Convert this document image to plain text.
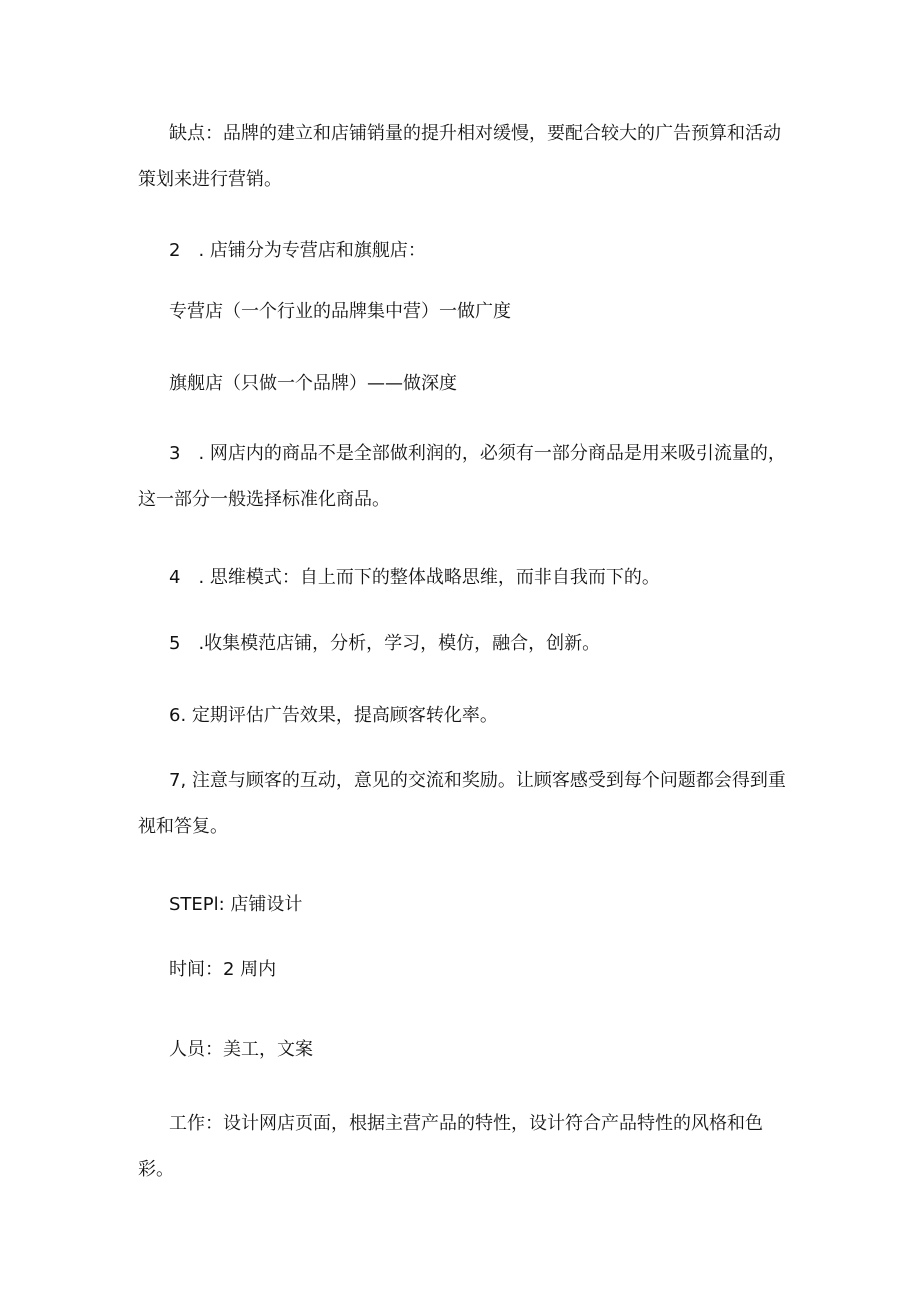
缺点：品牌的建立和店铺销量的提升相对缓慢，要配合较大的广告预算和活动策划来进行营销。

2　. 店铺分为专营店和旗舰店：

专营店（一个行业的品牌集中营）一做广度

旗舰店（只做一个品牌）——做深度

3　. 网店内的商品不是全部做利润的，必须有一部分商品是用来吸引流量的，这一部分一般选择标准化商品。

4　. 思维模式：自上而下的整体战略思维，而非自我而下的。

5　.收集模范店铺，分析，学习，模仿，融合，创新。

6. 定期评估广告效果，提高顾客转化率。

7, 注意与顾客的互动，意见的交流和奖励。让顾客感受到每个问题都会得到重视和答复。

STEPl: 店铺设计

时间：2 周内

人员：美工，文案

工作：设计网店页面，根据主营产品的特性，设计符合产品特性的风格和色彩。
